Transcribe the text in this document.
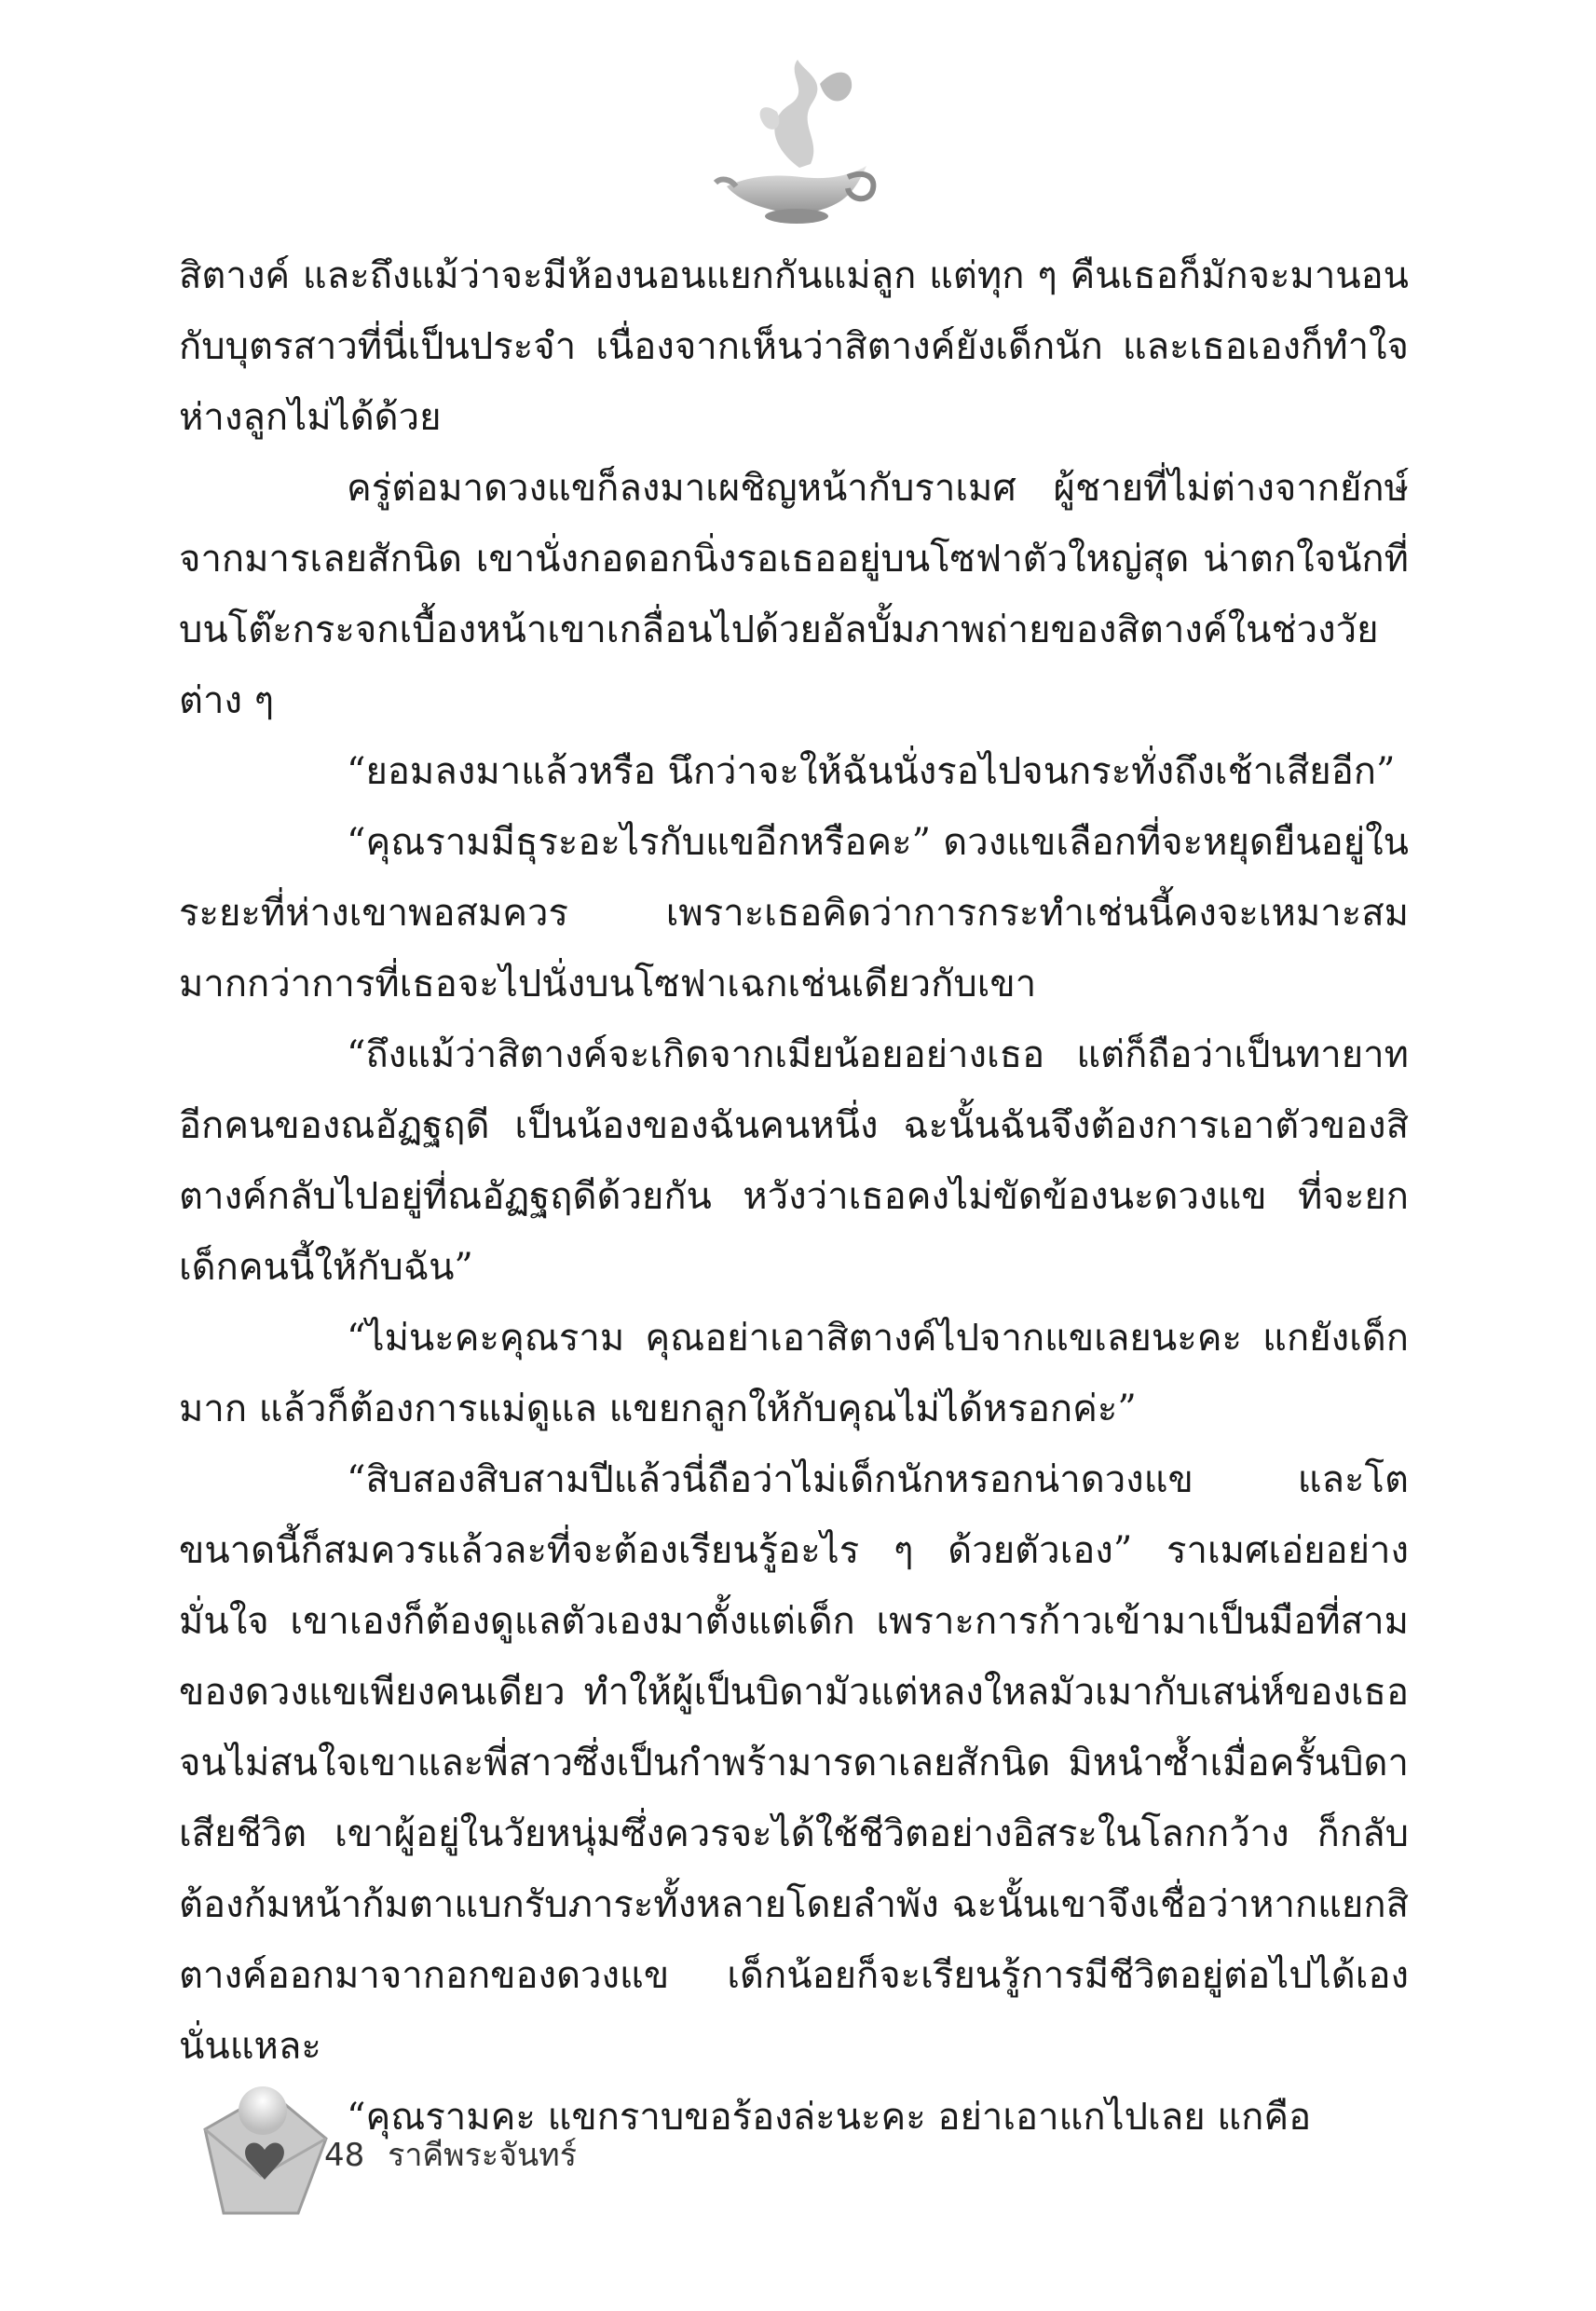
สิตางค์ และถึงแม้ว่าจะมีห้องนอนแยกกันแม่ลูก แต่ทุก ๆ คืนเธอก็มักจะมานอนกับบุตรสาวที่นี่เป็นประจำ เนื่องจากเห็นว่าสิตางค์ยังเด็กนัก และเธอเองก็ทำใจห่างลูกไม่ได้ด้วย

ครู่ต่อมาดวงแขก็ลงมาเผชิญหน้ากับราเมศ ผู้ชายที่ไม่ต่างจากยักษ์จากมารเลยสักนิด เขานั่งกอดอกนิ่งรอเธออยู่บนโซฟาตัวใหญ่สุด น่าตกใจนักที่บนโต๊ะกระจกเบื้องหน้าเขาเกลื่อนไปด้วยอัลบั้มภาพถ่ายของสิตางค์ในช่วงวัยต่าง ๆ

“ยอมลงมาแล้วหรือ นึกว่าจะให้ฉันนั่งรอไปจนกระทั่งถึงเช้าเสียอีก”

“คุณรามมีธุระอะไรกับแขอีกหรือคะ” ดวงแขเลือกที่จะหยุดยืนอยู่ในระยะที่ห่างเขาพอสมควร เพราะเธอคิดว่าการกระทำเช่นนี้คงจะเหมาะสมมากกว่าการที่เธอจะไปนั่งบนโซฟาเฉกเช่นเดียวกับเขา

“ถึงแม้ว่าสิตางค์จะเกิดจากเมียน้อยอย่างเธอ แต่ก็ถือว่าเป็นทายาทอีกคนของณอัฏฐฤดี เป็นน้องของฉันคนหนึ่ง ฉะนั้นฉันจึงต้องการเอาตัวของสิตางค์กลับไปอยู่ที่ณอัฏฐฤดีด้วยกัน หวังว่าเธอคงไม่ขัดข้องนะดวงแข ที่จะยกเด็กคนนี้ให้กับฉัน”

“ไม่นะคะคุณราม คุณอย่าเอาสิตางค์ไปจากแขเลยนะคะ แกยังเด็กมาก แล้วก็ต้องการแม่ดูแล แขยกลูกให้กับคุณไม่ได้หรอกค่ะ”

“สิบสองสิบสามปีแล้วนี่ถือว่าไม่เด็กนักหรอกน่าดวงแข และโตขนาดนี้ก็สมควรแล้วละที่จะต้องเรียนรู้อะไร ๆ ด้วยตัวเอง” ราเมศเอ่ยอย่างมั่นใจ เขาเองก็ต้องดูแลตัวเองมาตั้งแต่เด็ก เพราะการก้าวเข้ามาเป็นมือที่สามของดวงแขเพียงคนเดียว ทำให้ผู้เป็นบิดามัวแต่หลงใหลมัวเมากับเสน่ห์ของเธอ จนไม่สนใจเขาและพี่สาวซึ่งเป็นกำพร้ามารดาเลยสักนิด มิหนำซ้ำเมื่อครั้นบิดาเสียชีวิต เขาผู้อยู่ในวัยหนุ่มซึ่งควรจะได้ใช้ชีวิตอย่างอิสระในโลกกว้าง ก็กลับต้องก้มหน้าก้มตาแบกรับภาระทั้งหลายโดยลำพัง ฉะนั้นเขาจึงเชื่อว่าหากแยกสิตางค์ออกมาจากอกของดวงแข เด็กน้อยก็จะเรียนรู้การมีชีวิตอยู่ต่อไปได้เองนั่นแหละ

“คุณรามคะ แขกราบขอร้องล่ะนะคะ อย่าเอาแกไปเลย แกคือ

48 ราคีพระจันทร์
